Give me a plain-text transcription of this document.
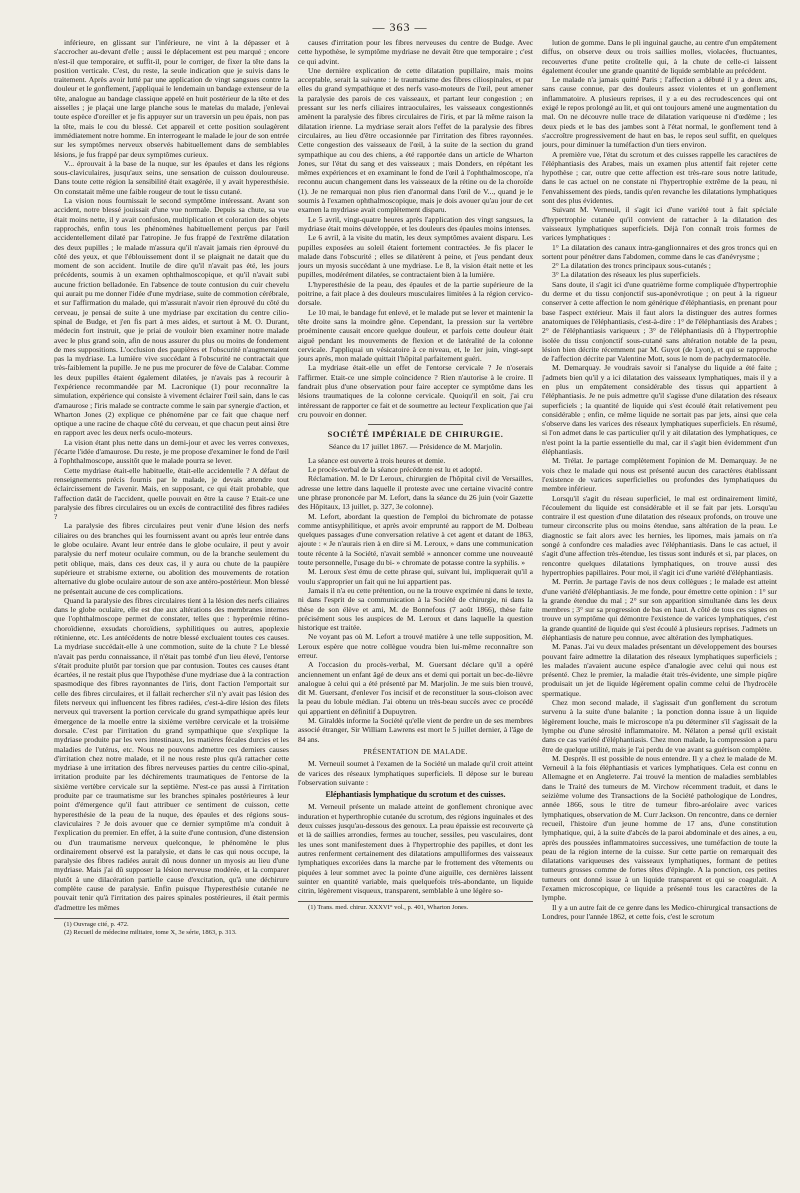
— 363 —

inférieure, en glissant sur l'inférieure, ne vint à la dépasser et à s'accrocher au-devant d'elle ; aussi le déplacement est peu marqué ; encore n'est-il que temporaire, et suffit-il, pour le corriger, de fixer la tête dans la position verticale. C'est, du reste, la seule indication que je suivis dans le traitement. Après avoir lutté par une application de vingt sangsues contre la douleur et le gonflement, j'appliquai le lendemain un bandage extenseur de la tête, analogue au bandage classique appelé en huit postérieur de la tête et des aisselles ; je plaçai une large planche sous le matelas du malade, j'enlevai toute espèce d'oreiller et je fis appuyer sur un traversin un peu épais, non pas la tête, mais le cou du blessé. Cet appareil et cette position soulagèrent immédiatement notre homme. En interrogeant le malade le jour de son entrée sur les symptômes nerveux observés habituellement dans de semblables lésions, je fus frappé par deux symptômes curieux.

V... éprouvait à la base de la nuque, sur les épaules et dans les régions sous-claviculaires, jusqu'aux seins, une sensation de cuisson douloureuse. Dans toute cette région la sensibilité était exagérée, il y avait hyperesthésie. On constatait même une faible rougeur de tout le tissu cutané.

La vision nous fournissait le second symptôme intéressant. Avant son accident, notre blessé jouissait d'une vue normale. Depuis sa chute, sa vue était moins nette, il y avait confusion, multiplication et coloration des objets rapprochés, enfin tous les phénomènes habituellement perçus par l'œil accidentellement dilaté par l'atropine. Je fus frappé de l'extrême dilatation des deux pupilles ; le malade m'assura qu'il n'avait jamais rien éprouvé du côté des yeux, et que l'éblouissement dont il se plaignait ne datait que du moment de son accident. Inutile de dire qu'il n'avait pas été, les jours précédents, soumis à un examen ophthalmoscopique, et qu'il n'avait subi aucune friction belladonée. En l'absence de toute contusion du cuir chevelu qui aurait pu me donner l'idée d'une mydriase, suite de commotion cérébrale, et sur l'affirmation du malade, qui m'assurait n'avoir rien éprouvé du côté du cerveau, je pensai de suite à une mydriase par excitation du centre cilio-spinal de Budge, et j'en fis part à mes aides, et surtout à M. O. Durant, médecin fort instruit, que je priai de vouloir bien examiner notre malade avec le plus grand soin, afin de nous assurer du plus ou moins de fondement de mes suppositions. L'occlusion des paupières et l'obscurité n'augmentaient pas la mydriase. La lumière vive succédant à l'obscurité ne contractait que très-faiblement la pupille. Je ne pus me procurer de fève de Calabar. Comme les deux pupilles étaient également dilatées, je n'avais pas à recourir à l'expérience recommandée par M. Lacronique (1) pour reconnaître la simulation, expérience qui consiste à vivement éclairer l'œil sain, dans le cas d'amaurose ; l'iris malade se contracte comme le sain par synergie d'action, et Wharton Jones (2) explique ce phénomène par ce fait que chaque nerf optique a une racine de chaque côté du cerveau, et que chacun peut ainsi être en rapport avec les deux nerfs oculo-moteurs.

La vision étant plus nette dans un demi-jour et avec les verres convexes, j'écarte l'idée d'amaurose. Du reste, je me propose d'examiner le fond de l'œil à l'ophthalmoscope, aussitôt que le malade pourra se lever.

Cette mydriase était-elle habituelle, était-elle accidentelle ? A défaut de renseignements précis fournis par le malade, je devais attendre tout éclaircissement de l'avenir. Mais, en supposant, ce qui était probable, que l'affection datât de l'accident, quelle pouvait en être la cause ? Etait-ce une paralysie des fibres circulaires ou un excès de contractilité des fibres radiées ?

La paralysie des fibres circulaires peut venir d'une lésion des nerfs ciliaires ou des branches qui les fournissent avant ou après leur entrée dans le globe oculaire. Avant leur entrée dans le globe oculaire, il peut y avoir paralysie du nerf moteur oculaire commun, ou de la branche seulement du petit oblique, mais, dans ces deux cas, il y aura ou chute de la paupière supérieure et strabisme externe, ou abolition des mouvements de rotation alternative du globe oculaire autour de son axe antéro-postérieur. Mon blessé ne présentait aucune de ces complications.

Quand la paralysie des fibres circulaires tient à la lésion des nerfs ciliaires dans le globe oculaire, elle est due aux altérations des membranes internes que l'ophthalmoscope permet de constater, telles que : hyperémie rétino-choroïdienne, exsudats choroïdiens, syphilitiques ou autres, apoplexie rétinienne, etc. Les antécédents de notre blessé excluaient toutes ces causes. La mydriase succédait-elle à une commotion, suite de la chute ? Le blessé n'avait pas perdu connaissance, il n'était pas tombé d'un lieu élevé, l'entorse s'était produite plutôt par torsion que par contusion. Toutes ces causes étant écartées, il ne restait plus que l'hypothèse d'une mydriase due à la contraction spasmodique des fibres rayonnantes de l'iris, dont l'action l'emportait sur celle des fibres circulaires, et il fallait rechercher s'il n'y avait pas lésion des filets nerveux qui influencent les fibres radiées, c'est-à-dire lésion des filets nerveux qui traversent la portion cervicale du grand sympathique après leur émergence de la moelle entre la sixième vertèbre cervicale et la troisième dorsale. C'est par l'irritation du grand sympathique que s'explique la mydriase produite par les vers intestinaux, les matières fécales durcies et les maladies de l'utérus, etc. Nous ne pouvons admettre ces derniers causes d'irritation chez notre malade, et il ne nous reste plus qu'à rattacher cette mydriase à une irritation des fibres nerveuses parties du centre cilio-spinal, irritation produite par les déchirements traumatiques de l'entorse de la sixième vertèbre cervicale sur la septième. N'est-ce pas aussi à l'irritation produite par ce traumatisme sur les branches spinales postérieures à leur point d'émergence qu'il faut attribuer ce sentiment de cuisson, cette hyperesthésie de la peau de la nuque, des épaules et des régions sous-claviculaires ? Je dois avouer que ce dernier symptôme m'a conduit à l'explication du premier. En effet, à la suite d'une contusion, d'une distension ou d'un traumatisme nerveux quelconque, le phénomène le plus ordinairement observé est la paralysie, et dans le cas qui nous occupe, la paralysie des fibres radiées aurait dû nous donner un myosis au lieu d'une mydriase. Mais j'ai dû supposer la lésion nerveuse modérée, et la comparer plutôt à une dilacération partielle cause d'excitation, qu'à une déchirure complète cause de paralysie. Enfin puisque l'hyperesthésie cutanée ne pouvait tenir qu'à l'irritation des paires spinales postérieures, il était permis d'admettre les mêmes

(1) Ouvrage cité, p. 472.
(2) Recueil de médecine militaire, tome X, 3e série, 1863, p. 313.

causes d'irritation pour les fibres nerveuses du centre de Budge. Avec cette hypothèse, le symptôme mydriase ne devait être que temporaire ; c'est ce qui advint.

Une dernière explication de cette dilatation pupillaire, mais moins acceptable, serait la suivante : le traumatisme des fibres ciliospinales, et par elles du grand sympathique et des nerfs vaso-moteurs de l'œil, peut amener la paralysie des parois de ces vaisseaux, et partant leur congestion ; en pressant sur les nerfs ciliaires intraoculaires, les vaisseaux congestionnés amènent la paralysie des fibres circulaires de l'iris, et par là même raison la dilatation irienne. La mydriase serait alors l'effet de la paralysie des fibres circulaires, au lieu d'être occasionnée par l'irritation des fibres rayonnées. Cette congestion des vaisseaux de l'œil, à la suite de la section du grand sympathique au cou des chiens, a été rapportée dans un article de Wharton Jones, sur l'état du sang et des vaisseaux ; mais Donders, en répétant les mêmes expériences et en examinant le fond de l'œil à l'ophthalmoscope, n'a reconnu aucun changement dans les vaisseaux de la rétine ou de la choroïde (1). Je ne remarquai non plus rien d'anormal dans l'œil de V..., quand je le soumis à l'examen ophthalmoscopique, mais je dois avouer qu'au jour de cet examen la mydriase avait complètement disparu.

Le 5 avril, vingt-quatre heures après l'application des vingt sangsues, la mydriase était moins développée, et les douleurs des épaules moins intenses.

Le 6 avril, à la visite du matin, les deux symptômes avaient disparu. Les pupilles exposées au soleil étaient fortement contractées. Je fis placer le malade dans l'obscurité ; elles se dilatèrent à peine, et j'eus pendant deux jours un myosis succédant à une mydriase. Le 8, la vision était nette et les pupilles, modérément dilatées, se contractaient bien à la lumière.

L'hyperesthésie de la peau, des épaules et de la partie supérieure de la poitrine, a fait place à des douleurs musculaires limitées à la région cervico-dorsale.

Le 10 mai, le bandage fut enlevé, et le malade put se lever et maintenir la tête droite sans la moindre gêne. Cependant, la pression sur la vertèbre proéminente causait encore quelque douleur, et parfois cette douleur était aiguë pendant les mouvements de flexion et de latéralité de la colonne cervicale. J'appliquai un vésicatoire à ce niveau, et, le 1er juin, vingt-sept jours après, mon malade quittait l'hôpital parfaitement guéri.

La mydriase était-elle un effet de l'entorse cervicale ? Je n'oserais l'affirmer. Etait-ce une simple coïncidence ? Rien n'autorise à le croire. Il fandrait plus d'une observation pour faire accepter ce symptôme dans les lésions traumatiques de la colonne cervicale. Quoiqu'il en soit, j'ai cru intéressant de rapporter ce fait et de soumettre au lecteur l'explication que j'ai cru pouvoir en donner.

SOCIÉTÉ IMPÉRIALE DE CHIRURGIE.
Séance du 17 juillet 1867. — Présidence de M. Marjolin.

La séance est ouverte à trois heures et demie.

Le procès-verbal de la séance précédente est lu et adopté.

Réclamation. M. le Dr Leroux, chirurgien de l'hôpital civil de Versailles, adresse une lettre dans laquelle il proteste avec une certaine vivacité contre une phrase prononcée par M. Lefort, dans la séance du 26 juin (voir Gazette des Hôpitaux, 13 juillet, p. 327, 3e colonne).

M. Lefort, abordant la question de l'emploi du bichromate de potasse comme antisyphilitique, et après avoir emprunté au rapport de M. Dolbeau quelques passages d'une conversation relative à cet agent et datant de 1863, ajoute : « Je n'aurais rien à en dire si M. Leroux, » dans une communication toute récente à la Société, n'avait semblé » annoncer comme une nouveauté toute personnelle, l'usage du bi- » chromate de potasse contre la syphilis. »

M. Leroux s'est ému de cette phrase qui, suivant lui, impliquerait qu'il a voulu s'approprier un fait qui ne lui appartient pas.

Jamais il n'a eu cette prétention, ou ne la trouve exprimée ni dans le texte, ni dans l'esprit de sa communication à la Société de chirurgie, ni dans la thèse de son élève et ami, M. de Bonnefous (7 août 1866), thèse faite précisément sous les auspices de M. Leroux et dans laquelle la question historique est traitée.

Ne voyant pas où M. Lefort a trouvé matière à une telle supposition, M. Leroux espère que notre collègue voudra bien lui-même reconnaître son erreur.

A l'occasion du procès-verbal, M. Guersant déclare qu'il a opéré anciennement un enfant âgé de deux ans et demi qui portait un bec-de-lièvre analogue à celui qui a été présenté par M. Marjolin. Je me suis bien trouvé, dit M. Guersant, d'enlever l'os incisif et de reconstituer la sous-cloison avec la peau du lobule médian. J'ai obtenu un très-beau succès avec ce procédé qui appartient en définitif à Dupuytren.

M. Giraldès informe la Société qu'elle vient de perdre un de ses membres associé étranger, Sir William Lawrens est mort le 5 juillet dernier, à l'âge de 84 ans.

PRÉSENTATION DE MALADE.

M. Verneuil soumet à l'examen de la Société un malade qu'il croit atteint de varices des réseaux lymphatiques superficiels. Il dépose sur le bureau l'observation suivante :

Eléphantiasis lymphatique du scrotum et des cuisses.

M. Verneuil présente un malade atteint de gonflement chronique avec induration et hyperthrophie cutanée du scrotum, des régions inguinales et des deux cuisses jusqu'au-dessous des genoux. La peau épaissie est recouverte çà et là de saillies arrondies, fermes au toucher, sessiles, peu vasculaires, dont les unes sont manifestement dues à l'hypertrophie des papilles, et dont les autres renferment certainement des dilatations ampulliformes des vaisseaux lymphatiques excoriées dans la marche par le frottement des vêtements ou piquées à leur sommet avec la pointe d'une aiguille, ces dernières laissent suinter en quantité variable, mais quelquefois très-abondante, un liquide citrin, légèrement visqueux, transparent, semblable à une légère so-

(1) Trans. med. chirur. XXXVI° vol., p. 401, Wharton Jones.

lution de gomme. Dans le pli inguinal gauche, au centre d'un empâtement diffus, on observe deux ou trois saillies molles, violacées, fluctuantes, recouvertes d'une petite croûtelle qui, à la chute de celle-ci laissent également écouler une grande quantité de liquide semblable au précédent.

Le malade n'a jamais quitté Paris ; l'affection a débuté il y a deux ans, sans cause connue, par des douleurs assez violentes et un gonflement inflammatoire. A plusieurs reprises, il y a eu des recrudescences qui ont exigé le repos prolongé au lit, et qui ont toujours amené une augmentation du mal. On ne découvre nulle trace de dilatation variqueuse ni d'œdème ; les deux pieds et le bas des jambes sont à l'état normal, le gonflement tend à s'accroître progressivement de haut en bas, le repos seul suffit, en quelques jours, pour diminuer la tuméfaction d'un tiers environ.

A première vue, l'état du scrotum et des cuisses rappelle les caractères de l'éléphantiasis des Arabes, mais un examen plus attentif fait rejeter cette hypothèse ; car, outre que cette affection est très-rare sous notre latitude, dans le cas actuel on ne constate ni l'hypertrophie extrême de la peau, ni l'envahissement des pieds, tandis qu'en revanche les dilatations lymphatiques sont des plus évidentes.

Suivant M. Verneuil, il s'agit ici d'une variété tout à fait spéciale d'hypertrophie cutanée qu'il convient de rattacher à la dilatation des vaisseaux lymphatiques superficiels. Déjà l'on connaît trois formes de varices lymphatiques :

1° La dilatation des canaux intra-ganglionnaires et des gros troncs qui en sortent pour pénétrer dans l'abdomen, comme dans le cas d'anévrysme ;

2° La dilatation des troncs principaux sous-cutanés ;

3° La dilatation des réseaux les plus superficiels.

Sans doute, il s'agit ici d'une quatrième forme compliquée d'hypertrophie du derme et du tissu conjonctif sus-aponévrotique ; on peut à la rigueur conserver à cette affection le nom générique d'éléphantiasis, en prenant pour base l'aspect extérieur. Mais il faut alors la distinguer des autres formes anatomiques de l'éléphantiasis, c'est-à-dire : 1° de l'éléphantiasis des Arabes ; 2° de l'éléphantiasis variqueux ; 3° de l'éléphantiasis dû à l'hypertrophie isolée du tissu conjonctif sous-cutané sans altération notable de la peau, lésion bien décrite récemment par M. Guyot (de Lyon), et qui se rapproche de l'affection décrite par Valentine Mott, sous le nom de pachydermatocèle.

M. Demarquay. Je voudrais savoir si l'analyse du liquide a été faite ; j'admets bien qu'il y a ici dilatation des vaisseaux lymphatiques, mais il y a en plus un empâtement considérable des tissus qui appartient à l'éléphantiasis. Je ne puis admettre qu'il s'agisse d'une dilatation des réseaux superficiels ; la quantité de liquide qui s'est écoulé était relativement peu considérable ; enfin, ce même liquide ne sortait pas par jets, ainsi que cela s'observe dans les varices des réseaux lymphatiques superficiels. En résumé, si l'on admet dans le cas particulier qu'il y ait dilatation des lymphatiques, ce n'est point la la partie essentielle du mal, car il s'agit bien évidemment d'un éléphantiasis.

M. Trélat. Je partage complètement l'opinion de M. Demarquay. Je ne vois chez le malade qui nous est présenté aucun des caractères établissant l'existence de varices superficielles ou profondes des lymphatiques du membre inférieur.

Lorsqu'il s'agit du réseau superficiel, le mal est ordinairement limité, l'écoulement du liquide est considérable et il se fait par jets. Lorsqu'au contraire il est question d'une dilatation des réseaux profonds, on trouve une tumeur circonscrite plus ou moins étendue, sans altération de la peau. Le diagnostic se fait alors avec les hernies, les lipomes, mais jamais on n'a songé à confondre ces maladies avec l'éléphantiasis. Dans le cas actuel, il s'agit d'une affection très-étendue, les tissus sont indurés et si, par places, on rencontre quelques dilatations lymphatiques, on trouve aussi des hypertrophies papillaires. Pour moi, il s'agit ici d'une variété d'éléphantiasis.

M. Perrin. Je partage l'avis de nos deux collègues ; le malade est atteint d'une variété d'éléphantiasis. Je me fonde, pour émettre cette opinion : 1° sur la grande étendue du mal ; 2° sur son apparition simultanée dans les deux membres ; 3° sur sa progression de bas en haut. A côté de tous ces signes on trouve un symptôme qui démontre l'existence de varices lymphatiques, c'est la grande quantité de liquide qui s'est écoulé à plusieurs reprises. J'admets un éléphantiasis de nature peu connue, avec altération des lymphatiques.

M. Panas. J'ai vu deux malades présentant un développement des bourses pouvant faire admettre la dilatation des réseaux lymphatiques superficiels ; les malades n'avaient aucune espèce d'analogie avec celui qui nous est présenté. Chez le premier, la maladie était très-évidente, une simple piqûre produisait un jet de liquide légèrement opalin comme celui de l'hydrocèle spermatique.

Chez mon second malade, il s'agissait d'un gonflement du scrotum survenu à la suite d'une balanite ; la ponction donna issue à un liquide légèrement louche, mais le microscope n'a pu déterminer s'il s'agissait de la lymphe ou d'une sérosité inflammatoire. M. Nélaton a pensé qu'il existait dans ce cas variété d'éléphantiasis. Chez mon malade, la compression a paru être de quelque utilité, mais je l'ai perdu de vue avant sa guérison complète.

M. Desprès. Il est possible de nous entendre. Il y a chez le malade de M. Verneuil à la fois éléphantiasis et varices lymphatiques. Cela est connu en Allemagne et en Angleterre. J'ai trouvé la mention de maladies semblables dans le Traité des tumeurs de M. Virchow récemment traduit, et dans le seizième volume des Transactions de la Société pathologique de Londres, année 1866, sous le titre de tumeur fibro-aréolaire avec varices lymphatiques, observation de M. Curr Jackson. On rencontre, dans ce dernier recueil, l'histoire d'un jeune homme de 17 ans, d'une constitution lymphatique, qui, à la suite d'abcès de la paroi abdominale et des aines, a eu, après des poussées inflammatoires successives, une tuméfaction de toute la peau de la région interne de la cuisse. Sur cette partie on remarquait des dilatations variqueuses des vaisseaux lymphatiques, formant de petites tumeurs grosses comme de fortes têtes d'épingle. A la ponction, ces petites tumeurs ont donné issue à un liquide transparent et qui se coagulait. A l'examen microscopique, ce liquide a présenté tous les caractères de la lymphe.

Il y a un autre fait de ce genre dans les Medico-chirurgical transactions de Londres, pour l'année 1862, et cette fois, c'est le scrotum
